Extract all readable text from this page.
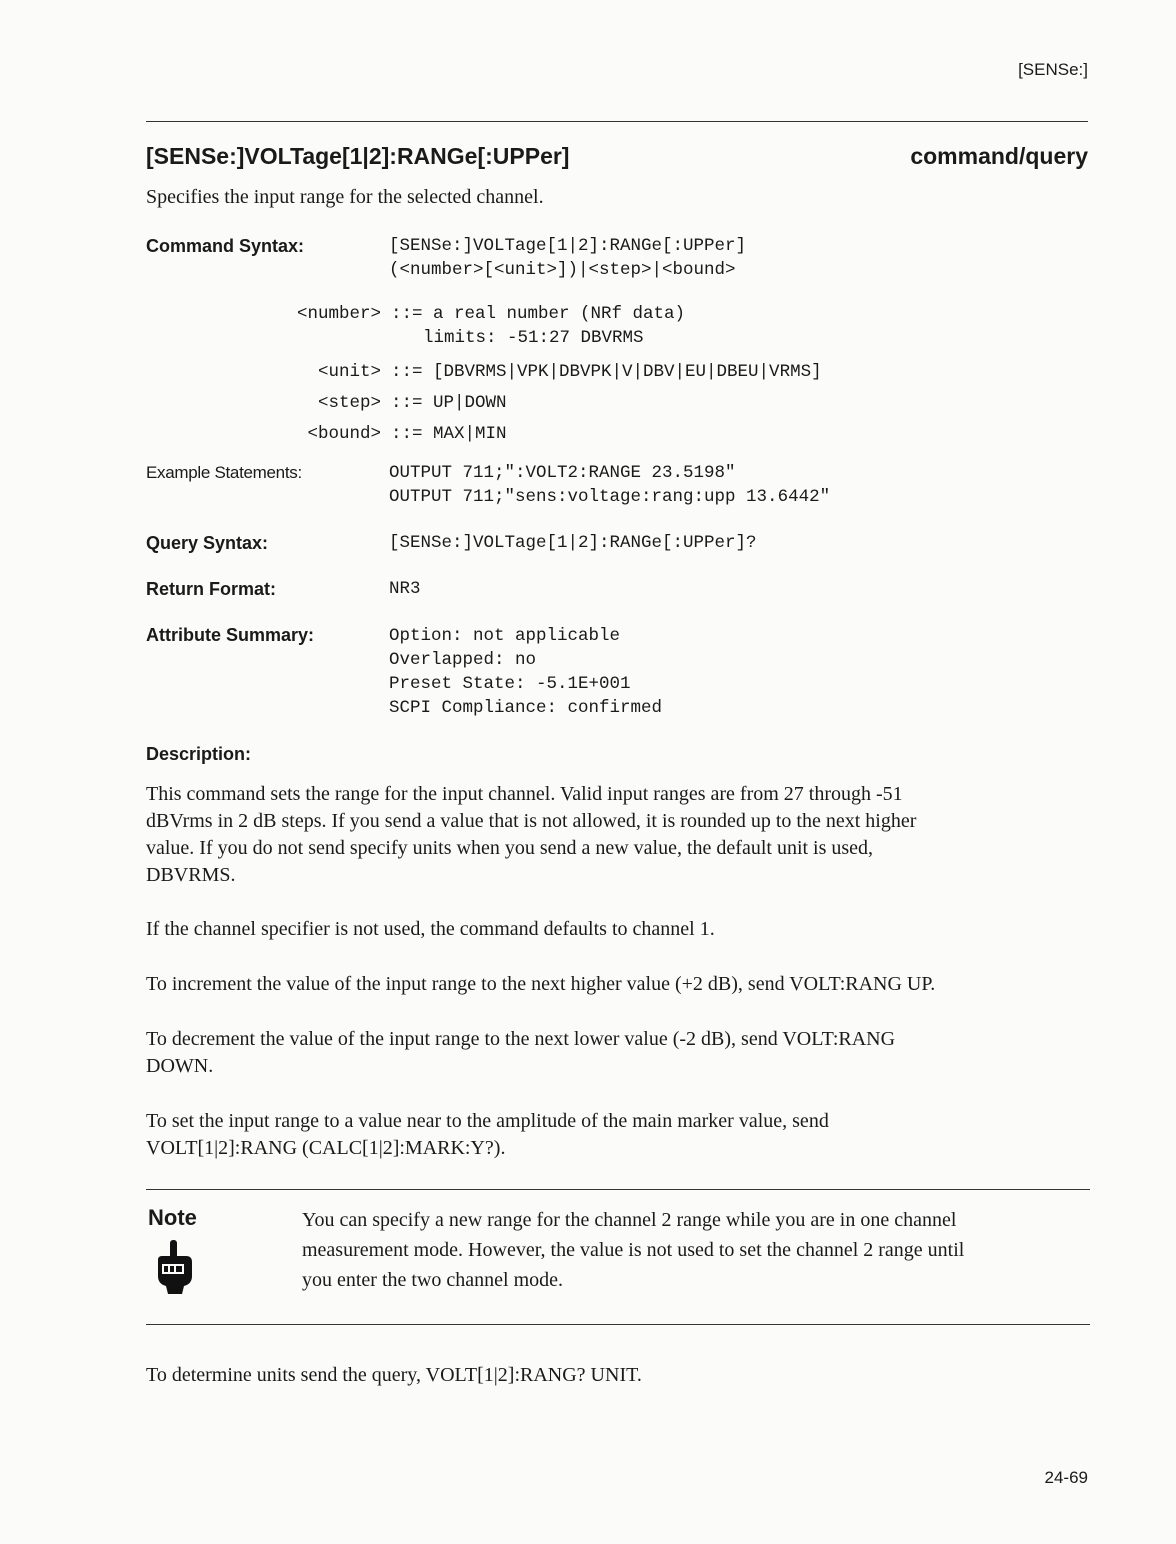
[SENSe:]
[SENSe:]VOLTage[1|2]:RANGe[:UPPer]	command/query
Specifies the input range for the selected channel.
Command Syntax:	[SENSe:]VOLTage[1|2]:RANGe[:UPPer]
(<number>[<unit>])|<step>|<bound>
<number> ::= a real number (NRf data)
limits: -51:27 DBVRMS
<unit> ::= [DBVRMS|VPK|DBVPK|V|DBV|EU|DBEU|VRMS]
<step> ::= UP|DOWN
<bound> ::= MAX|MIN
Example Statements:	OUTPUT 711;":VOLT2:RANGE 23.5198"
OUTPUT 711;"sens:voltage:rang:upp 13.6442"
Query Syntax:	[SENSe:]VOLTage[1|2]:RANGe[:UPPer]?
Return Format:	NR3
Attribute Summary:	Option: not applicable
Overlapped: no
Preset State: -5.1E+001
SCPI Compliance: confirmed
Description:
This command sets the range for the input channel. Valid input ranges are from 27 through -51
dBVrms in 2 dB steps. If you send a value that is not allowed, it is rounded up to the next higher
value. If you do not send specify units when you send a new value, the default unit is used,
DBVRMS.
If the channel specifier is not used, the command defaults to channel 1.
To increment the value of the input range to the next higher value (+2 dB), send VOLT:RANG UP.
To decrement the value of the input range to the next lower value (-2 dB), send VOLT:RANG
DOWN.
To set the input range to a value near to the amplitude of the main marker value, send
VOLT[1|2]:RANG (CALC[1|2]:MARK:Y?).
Note	You can specify a new range for the channel 2 range while you are in one channel
measurement mode. However, the value is not used to set the channel 2 range until
you enter the two channel mode.
To determine units send the query, VOLT[1|2]:RANG? UNIT.
24-69
